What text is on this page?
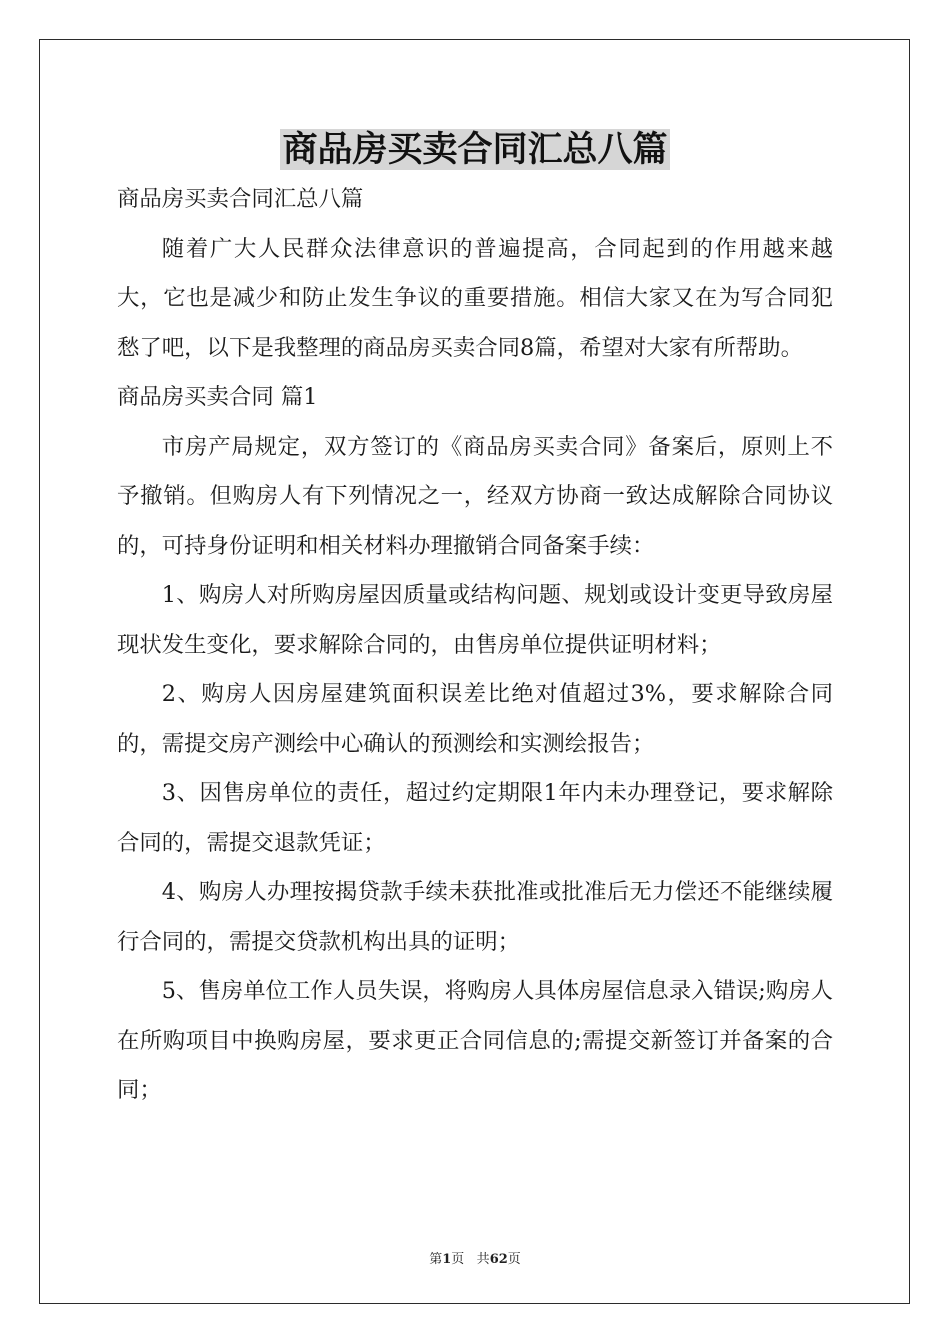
商品房买卖合同汇总八篇

商品房买卖合同汇总八篇

随着广大人民群众法律意识的普遍提高，合同起到的作用越来越大，它也是减少和防止发生争议的重要措施。相信大家又在为写合同犯愁了吧，以下是我整理的商品房买卖合同8篇，希望对大家有所帮助。

商品房买卖合同 篇1

市房产局规定，双方签订的《商品房买卖合同》备案后，原则上不予撤销。但购房人有下列情况之一，经双方协商一致达成解除合同协议的，可持身份证明和相关材料办理撤销合同备案手续：

1、购房人对所购房屋因质量或结构问题、规划或设计变更导致房屋现状发生变化，要求解除合同的，由售房单位提供证明材料；

2、购房人因房屋建筑面积误差比绝对值超过3%，要求解除合同的，需提交房产测绘中心确认的预测绘和实测绘报告；

3、因售房单位的责任，超过约定期限1年内未办理登记，要求解除合同的，需提交退款凭证；

4、购房人办理按揭贷款手续未获批准或批准后无力偿还不能继续履行合同的，需提交贷款机构出具的证明；

5、售房单位工作人员失误，将购房人具体房屋信息录入错误;购房人在所购项目中换购房屋，要求更正合同信息的;需提交新签订并备案的合同；

第1页 共62页
